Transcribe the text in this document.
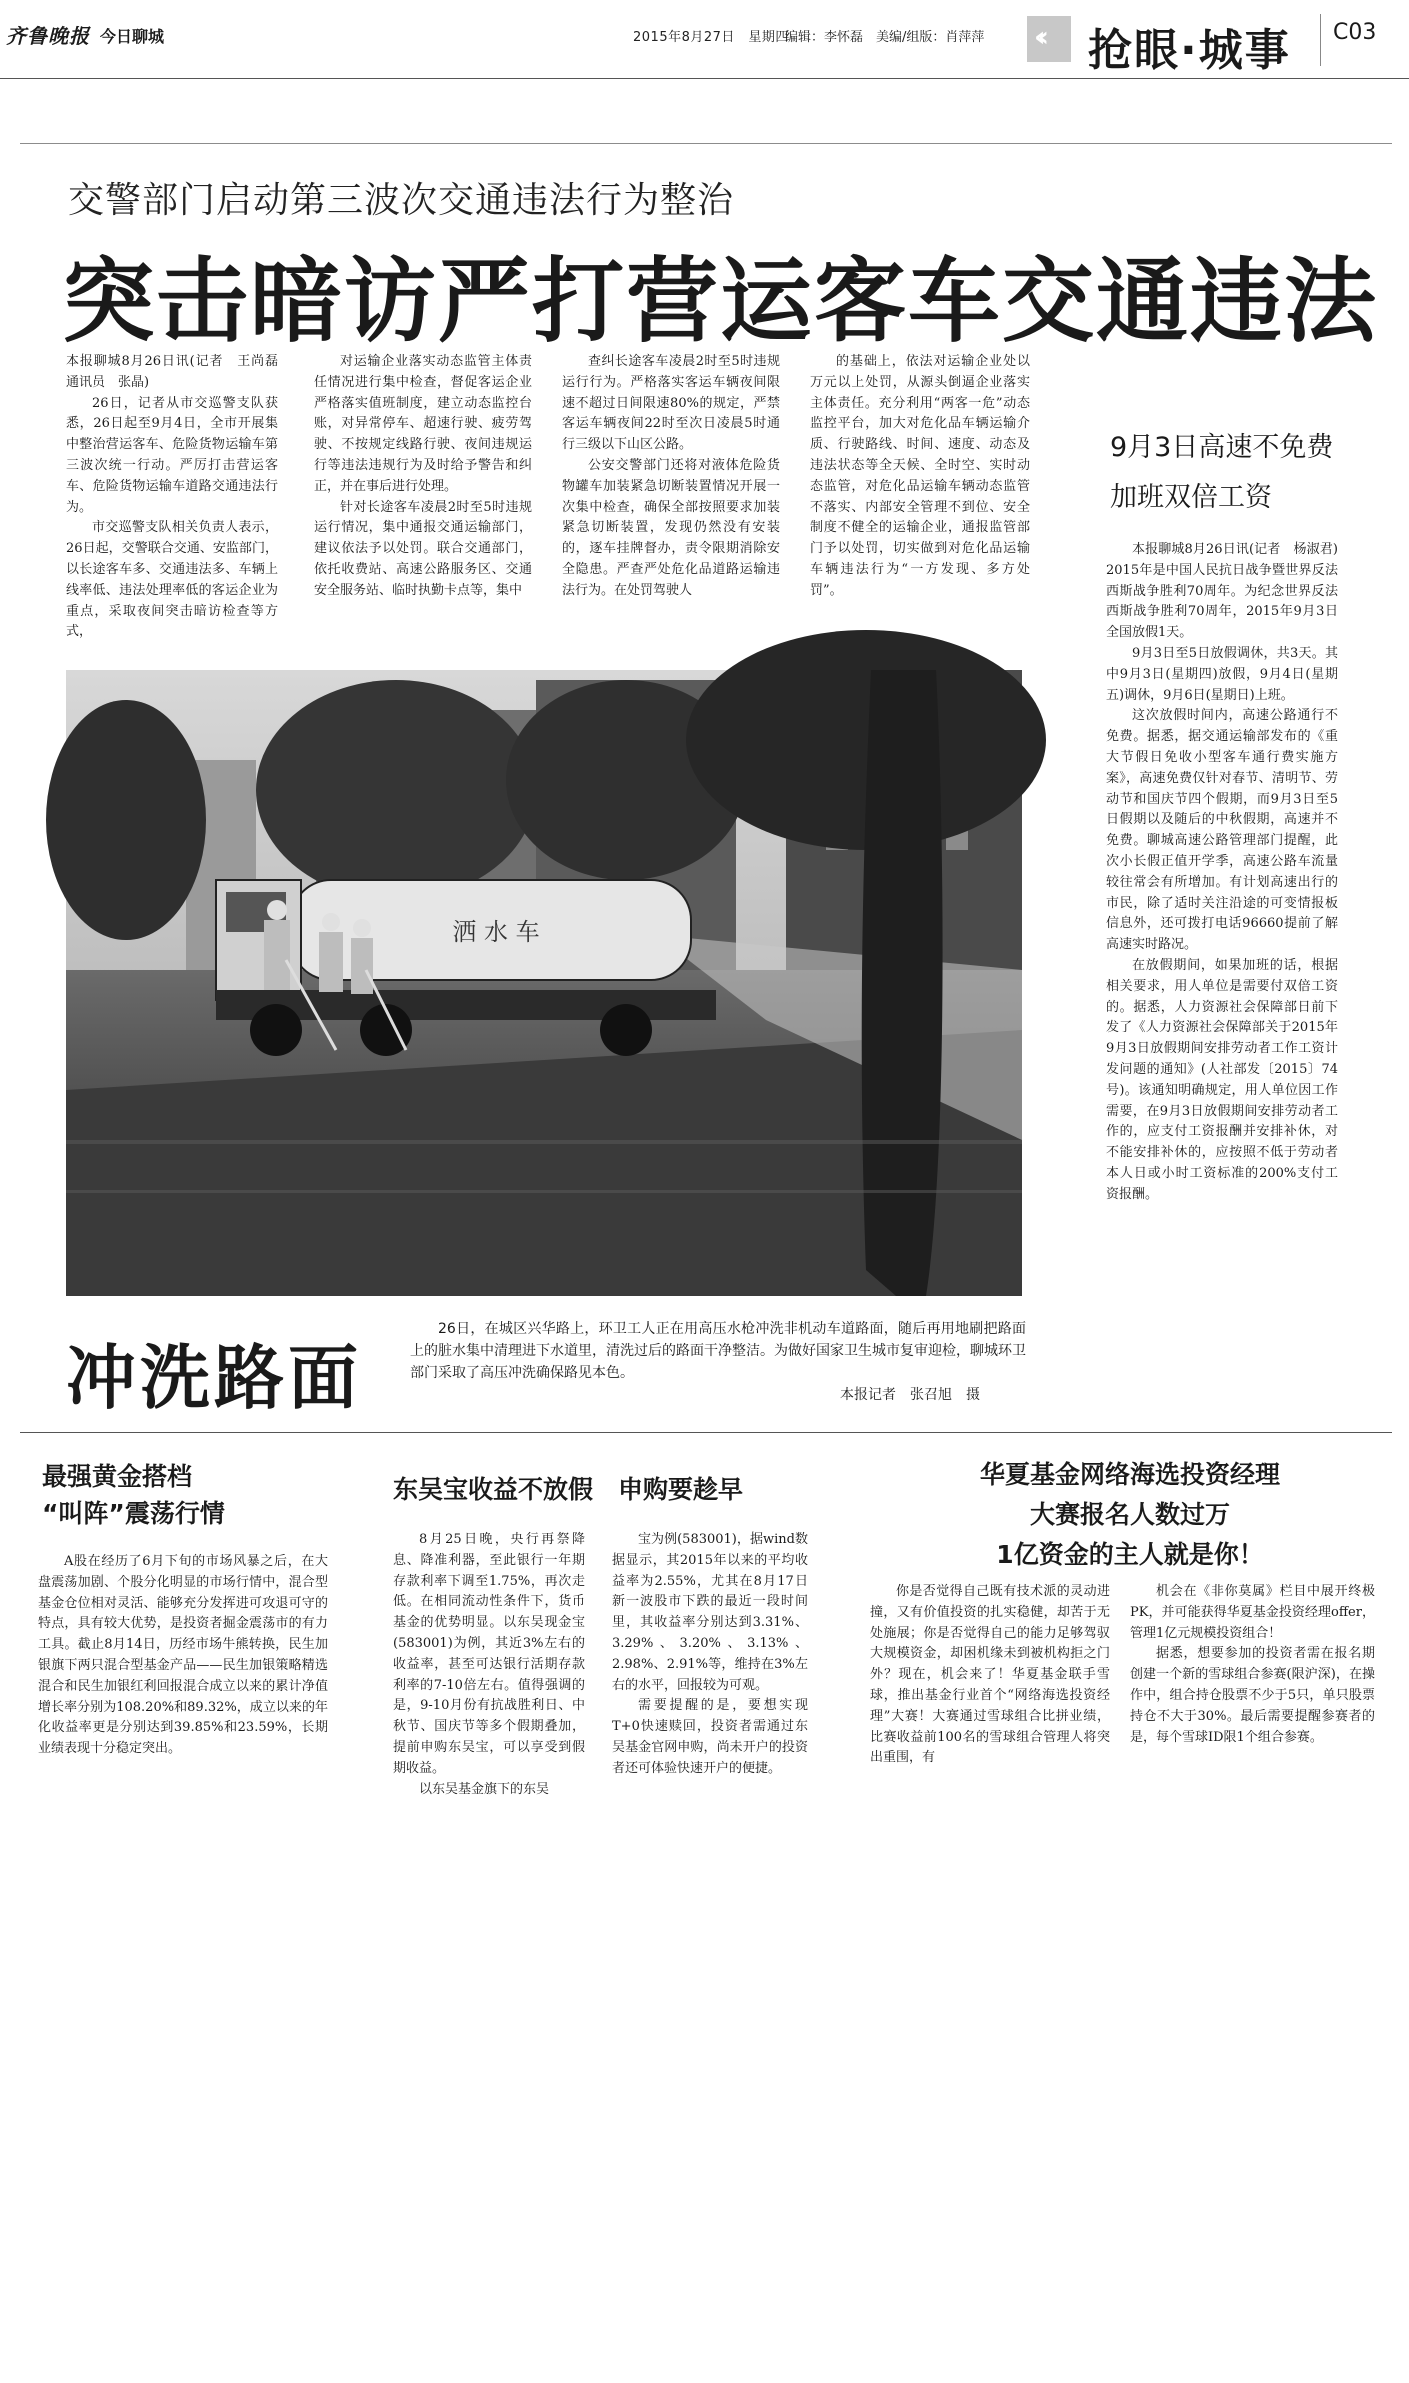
齐鲁晚报 今日聊城	2015年8月27日　星期四
编辑：李怀磊　美编/组版：肖萍萍 ‹‹ 抢眼·城事 C03
交警部门启动第三波次交通违法行为整治
突击暗访严打营运客车交通违法

本报聊城8月26日讯(记者　王尚磊　通讯员　张晶)

26日，记者从市交巡警支队获悉，26日起至9月4日，全市开展集中整治营运客车、危险货物运输车第三波次统一行动。严厉打击营运客车、危险货物运输车道路交通违法行为。

市交巡警支队相关负责人表示，26日起，交警联合交通、安监部门，以长途客车多、交通违法多、车辆上线率低、违法处理率低的客运企业为重点，采取夜间突击暗访检查等方式，

对运输企业落实动态监管主体责任情况进行集中检查，督促客运企业严格落实值班制度，建立动态监控台账，对异常停车、超速行驶、疲劳驾驶、不按规定线路行驶、夜间违规运行等违法违规行为及时给予警告和纠正，并在事后进行处理。

针对长途客车凌晨2时至5时违规运行情况，集中通报交通运输部门，建议依法予以处罚。联合交通部门，依托收费站、高速公路服务区、交通安全服务站、临时执勤卡点等，集中

查纠长途客车凌晨2时至5时违规运行行为。严格落实客运车辆夜间限速不超过日间限速80%的规定，严禁客运车辆夜间22时至次日凌晨5时通行三级以下山区公路。

公安交警部门还将对液体危险货物罐车加装紧急切断装置情况开展一次集中检查，确保全部按照要求加装紧急切断装置，发现仍然没有安装的，逐车挂牌督办，责令限期消除安全隐患。严查严处危化品道路运输违法行为。在处罚驾驶人

的基础上，依法对运输企业处以万元以上处罚，从源头倒逼企业落实主体责任。充分利用“两客一危”动态监控平台，加大对危化品车辆运输介质、行驶路线、时间、速度、动态及违法状态等全天候、全时空、实时动态监管，对危化品运输车辆动态监管不落实、内部安全管理不到位、安全制度不健全的运输企业，通报监管部门予以处罚，切实做到对危化品运输车辆违法行为“一方发现、多方处罚”。

9月3日高速不免费
加班双倍工资

本报聊城8月26日讯(记者　杨淑君)　2015年是中国人民抗日战争暨世界反法西斯战争胜利70周年。为纪念世界反法西斯战争胜利70周年，2015年9月3日全国放假1天。

9月3日至5日放假调休，共3天。其中9月3日(星期四)放假，9月4日(星期五)调休，9月6日(星期日)上班。

这次放假时间内，高速公路通行不免费。据悉，据交通运输部发布的《重大节假日免收小型客车通行费实施方案》，高速免费仅针对春节、清明节、劳动节和国庆节四个假期，而9月3日至5日假期以及随后的中秋假期，高速并不免费。聊城高速公路管理部门提醒，此次小长假正值开学季，高速公路车流量较往常会有所增加。有计划高速出行的市民，除了适时关注沿途的可变情报板信息外，还可拨打电话96660提前了解高速实时路况。

在放假期间，如果加班的话，根据相关要求，用人单位是需要付双倍工资的。据悉，人力资源社会保障部日前下发了《人力资源社会保障部关于2015年9月3日放假期间安排劳动者工作工资计发问题的通知》(人社部发〔2015〕74号)。该通知明确规定，用人单位因工作需要，在9月3日放假期间安排劳动者工作的，应支付工资报酬并安排补休，对不能安排补休的，应按照不低于劳动者本人日或小时工资标准的200%支付工资报酬。

洒 水 车
冲洗路面

26日，在城区兴华路上，环卫工人正在用高压水枪冲洗非机动车道路面，随后再用地刷把路面上的脏水集中清理进下水道里，清洗过后的路面干净整洁。为做好国家卫生城市复审迎检，聊城环卫部门采取了高压冲洗确保路见本色。

本报记者　张召旭　摄
最强黄金搭档
“叫阵”震荡行情

A股在经历了6月下旬的市场风暴之后，在大盘震荡加剧、个股分化明显的市场行情中，混合型基金仓位相对灵活、能够充分发挥进可攻退可守的特点，具有较大优势，是投资者掘金震荡市的有力工具。截止8月14日，历经市场牛熊转换，民生加银旗下两只混合型基金产品——民生加银策略精选混合和民生加银红利回报混合成立以来的累计净值增长率分别为108.20%和89.32%，成立以来的年化收益率更是分别达到39.85%和23.59%，长期业绩表现十分稳定突出。

东吴宝收益不放假　申购要趁早

8月25日晚，央行再祭降息、降准利器，至此银行一年期存款利率下调至1.75%，再次走低。在相同流动性条件下，货币基金的优势明显。以东吴现金宝(583001)为例，其近3%左右的收益率，甚至可达银行活期存款利率的7-10倍左右。值得强调的是，9-10月份有抗战胜利日、中秋节、国庆节等多个假期叠加，提前申购东吴宝，可以享受到假期收益。

以东吴基金旗下的东吴

宝为例(583001)，据wind数据显示，其2015年以来的平均收益率为2.55%，尤其在8月17日新一波股市下跌的最近一段时间里，其收益率分别达到3.31%、3.29%、3.20%、3.13%、2.98%、2.91%等，维持在3%左右的水平，回报较为可观。

需要提醒的是，要想实现T+0快速赎回，投资者需通过东吴基金官网申购，尚未开户的投资者还可体验快速开户的便捷。

华夏基金网络海选投资经理
大赛报名人数过万
1亿资金的主人就是你！

你是否觉得自己既有技术派的灵动进撞，又有价值投资的扎实稳健，却苦于无处施展；你是否觉得自己的能力足够驾驭大规模资金，却困机缘未到被机构拒之门外？现在，机会来了！华夏基金联手雪球，推出基金行业首个“网络海选投资经理”大赛！大赛通过雪球组合比拼业绩，比赛收益前100名的雪球组合管理人将突出重围，有

机会在《非你莫属》栏目中展开终极PK，并可能获得华夏基金投资经理offer，管理1亿元规模投资组合！

据悉，想要参加的投资者需在报名期创建一个新的雪球组合参赛(限沪深)，在操作中，组合持仓股票不少于5只，单只股票持仓不大于30%。最后需要提醒参赛者的是，每个雪球ID限1个组合参赛。
